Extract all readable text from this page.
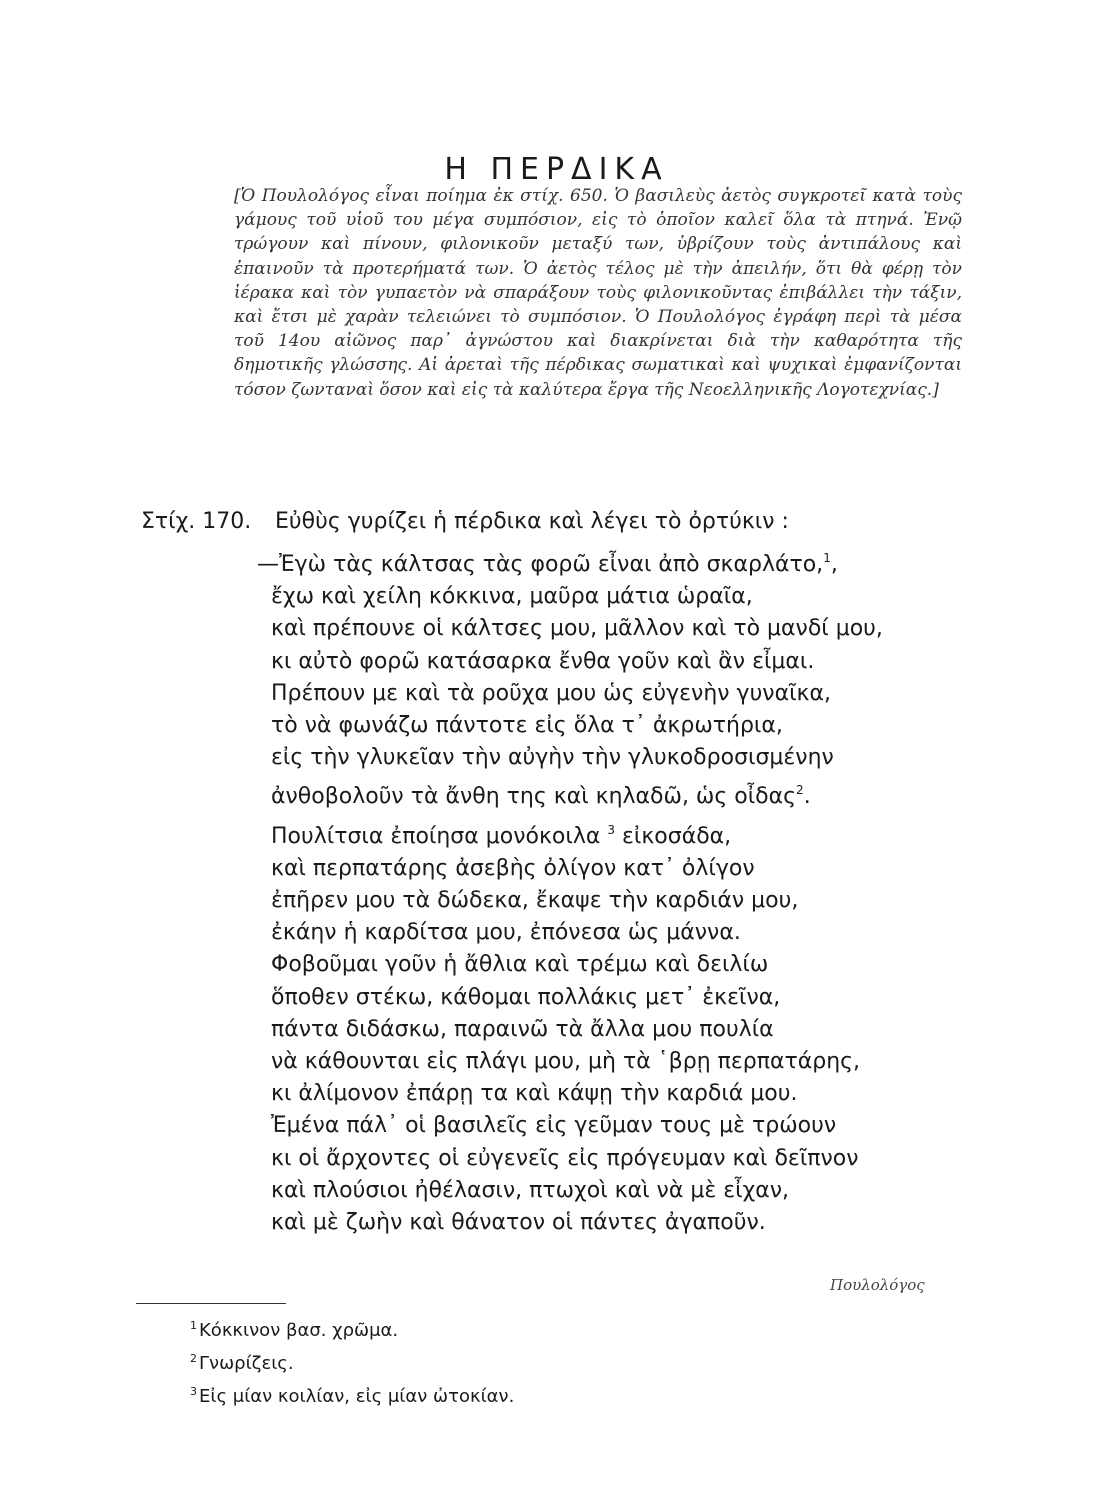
Η ΠΕΡΔΙΚΑ
[Ὁ Πουλολόγος εἶναι ποίημα ἐκ στίχ. 650. Ὁ βασιλεὺς ἀετὸς συγκροτεῖ κατὰ τοὺς γάμους τοῦ υἱοῦ του μέγα συμπόσιον, εἰς τὸ ὁποῖον καλεῖ ὅλα τὰ πτηνά. Ἐνῷ τρώγουν καὶ πίνουν, φιλονικοῦν μεταξύ των, ὑβρίζουν τοὺς ἀντιπάλους καὶ ἐπαινοῦν τὰ προτερήματά των. Ὁ ἀετὸς τέλος μὲ τὴν ἀπειλήν, ὅτι θὰ φέρῃ τὸν ἱέρακα καὶ τὸν γυπαετὸν νὰ σπαράξουν τοὺς φιλονικοῦντας ἐπιβάλλει τὴν τάξιν, καὶ ἔτσι μὲ χαρὰν τελειώνει τὸ συμπόσιον. Ὁ Πουλολόγος ἐγράφη περὶ τὰ μέσα τοῦ 14ου αἰῶνος παρ᾿ ἀγνώστου καὶ διακρίνεται διὰ τὴν καθαρότητα τῆς δημοτικῆς γλώσσης. Αἱ ἀρεταὶ τῆς πέρδικας σωματικαὶ καὶ ψυχικαὶ ἐμφανίζονται τόσον ζωνταναὶ ὅσον καὶ εἰς τὰ καλύτερα ἔργα τῆς Νεοελληνικῆς Λογοτεχνίας.]
Στίχ. 170. Εὐθὺς γυρίζει ἡ πέρδικα καὶ λέγει τὸ ὀρτύκιν :
—Ἐγὼ τὰς κάλτσας τὰς φορῶ εἶναι ἀπὸ σκαρλάτο,$^1$,
ἔχω καὶ χείλη κόκκινα, μαῦρα μάτια ὡραῖα,
καὶ πρέπουνε οἱ κάλτσες μου, μᾶλλον καὶ τὸ μανδί μου,
κι αὐτὸ φορῶ κατάσαρκα ἔνθα γοῦν καὶ ἂν εἶμαι.
Πρέπουν με καὶ τὰ ροῦχα μου ὡς εὐγενὴν γυναῖκα,
τὸ νὰ φωνάζω πάντοτε εἰς ὅλα τ᾿ ἀκρωτήρια,
εἰς τὴν γλυκεῖαν τὴν αὐγὴν τὴν γλυκοδροσισμένην
ἀνθοβολοῦν τὰ ἄνθη της καὶ κηλαδῶ, ὡς οἶδας$^2$.
Πουλίτσια ἐποίησα μονόκοιλα $^3$ εἰκοσάδα,
καὶ περπατάρης ἀσεβὴς ὀλίγον κατ᾿ ὀλίγον
ἐπῆρεν μου τὰ δώδεκα, ἔκαψε τὴν καρδιάν μου,
ἐκάην ἡ καρδίτσα μου, ἐπόνεσα ὡς μάννα.
Φοβοῦμαι γοῦν ἡ ἄθλια καὶ τρέμω καὶ δειλίω
ὅποθεν στέκω, κάθομαι πολλάκις μετ᾿ ἐκεῖνα,
πάντα διδάσκω, παραινῶ τὰ ἄλλα μου πουλία
νὰ κάθουνται εἰς πλάγι μου, μὴ τὰ ῾βρῃ περπατάρης,
κι ἀλίμονον ἐπάρῃ τα καὶ κάψῃ τὴν καρδιά μου.
Ἐμένα πάλ᾿ οἱ βασιλεῖς εἰς γεῦμαν τους μὲ τρώουν
κι οἱ ἄρχοντες οἱ εὐγενεῖς εἰς πρόγευμαν καὶ δεῖπνον
καὶ πλούσιοι ἠθέλασιν, πτωχοὶ καὶ νὰ μὲ εἶχαν,
καὶ μὲ ζωὴν καὶ θάνατον οἱ πάντες ἀγαποῦν.
Πουλολόγος
$^1$ Κόκκινον βασ. χρῶμα.
$^2$ Γνωρίζεις.
$^3$ Εἰς μίαν κοιλίαν, εἰς μίαν ὠτοκίαν.
